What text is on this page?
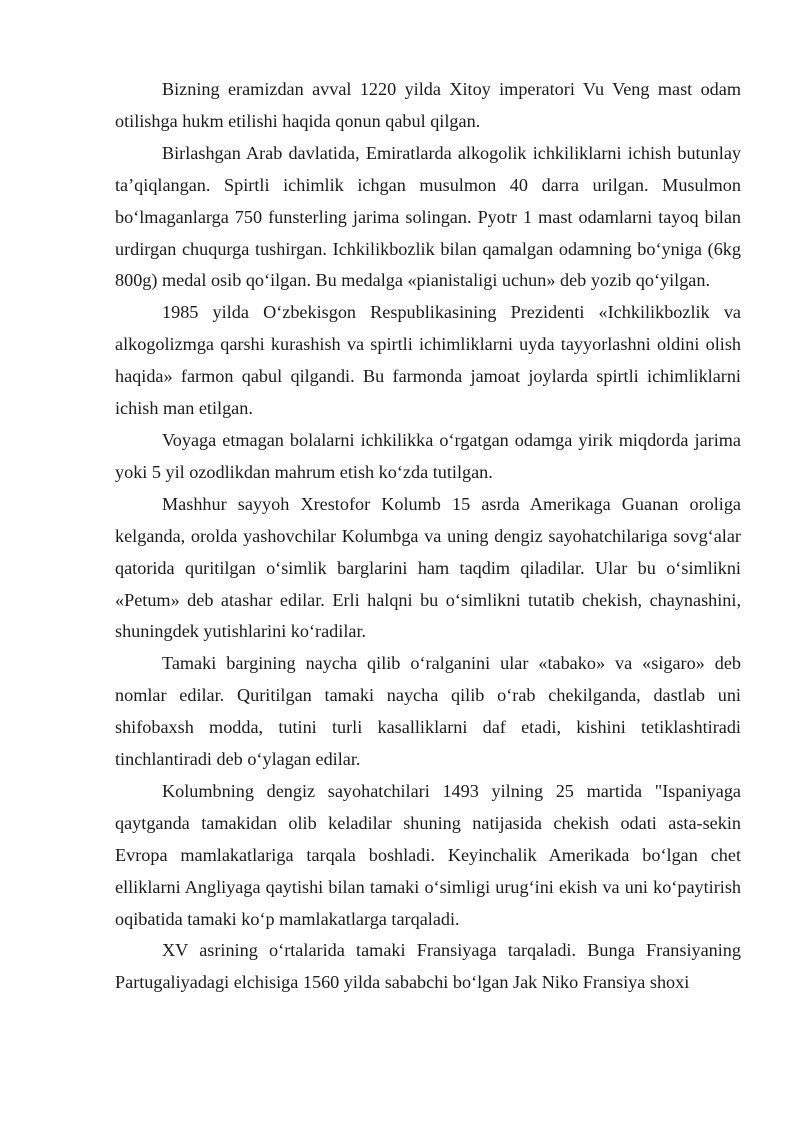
Bizning eramizdan avval 1220 yilda Xitoy imperatori Vu Veng mast odam otilishga hukm etilishi haqida qonun qabul qilgan.

Birlashgan Arab davlatida, Emiratlarda alkogolik ichkiliklarni ichish butunlay ta’qiqlangan. Spirtli ichimlik ichgan musulmon 40 darra urilgan. Musulmon bo‘lmaganlarga 750 funsterling jarima solingan. Pyotr 1 mast odamlarni tayoq bilan urdirgan chuqurga tushirgan. Ichkilikbozlik bilan qamalgan odamning bo‘yniga (6kg 800g) medal osib qo‘ilgan. Bu medalga «pianistaligi uchun» deb yozib qo‘yilgan.

1985 yilda O‘zbekisgon Respublikasining Prezidenti «Ichkilikbozlik va alkogolizmga qarshi kurashish va spirtli ichimliklarni uyda tayyorlashni oldini olish haqida» farmon qabul qilgandi. Bu farmonda jamoat joylarda spirtli ichimliklarni ichish man etilgan.

Voyaga etmagan bolalarni ichkilikka o‘rgatgan odamga yirik miqdorda jarima yoki 5 yil ozodlikdan mahrum etish ko‘zda tutilgan.

Mashhur sayyoh Xrestofor Kolumb 15 asrda Amerikaga Guanan oroliga kelganda, orolda yashovchilar Kolumbga va uning dengiz sayohatchilariga sovg‘alar qatorida quritilgan o‘simlik barglarini ham taqdim qiladilar. Ular bu o‘simlikni «Petum» deb atashar edilar. Erli halqni bu o‘simlikni tutatib chekish, chaynashini, shuningdek yutishlarini ko‘radilar.

Tamaki bargining naycha qilib o‘ralganini ular «tabako» va «sigaro» deb nomlar edilar. Quritilgan tamaki naycha qilib o‘rab chekilganda, dastlab uni shifobaxsh modda, tutini turli kasalliklarni daf etadi, kishini tetiklashtiradi tinchlantiradi deb o‘ylagan edilar.

Kolumbning dengiz sayohatchilari 1493 yilning 25 martida "Ispaniyaga qaytganda tamakidan olib keladilar shuning natijasida chekish odati asta-sekin Evropa mamlakatlariga tarqala boshladi. Keyinchalik Amerikada bo‘lgan chet elliklarni Angliyaga qaytishi bilan tamaki o‘simligi urug‘ini ekish va uni ko‘paytirish oqibatida tamaki ko‘p mamlakatlarga tarqaladi.

XV asrining o‘rtalarida tamaki Fransiyaga tarqaladi. Bunga Fransiyaning Partugaliyadagi elchisiga 1560 yilda sababchi bo‘lgan Jak Niko Fransiya shoxi
